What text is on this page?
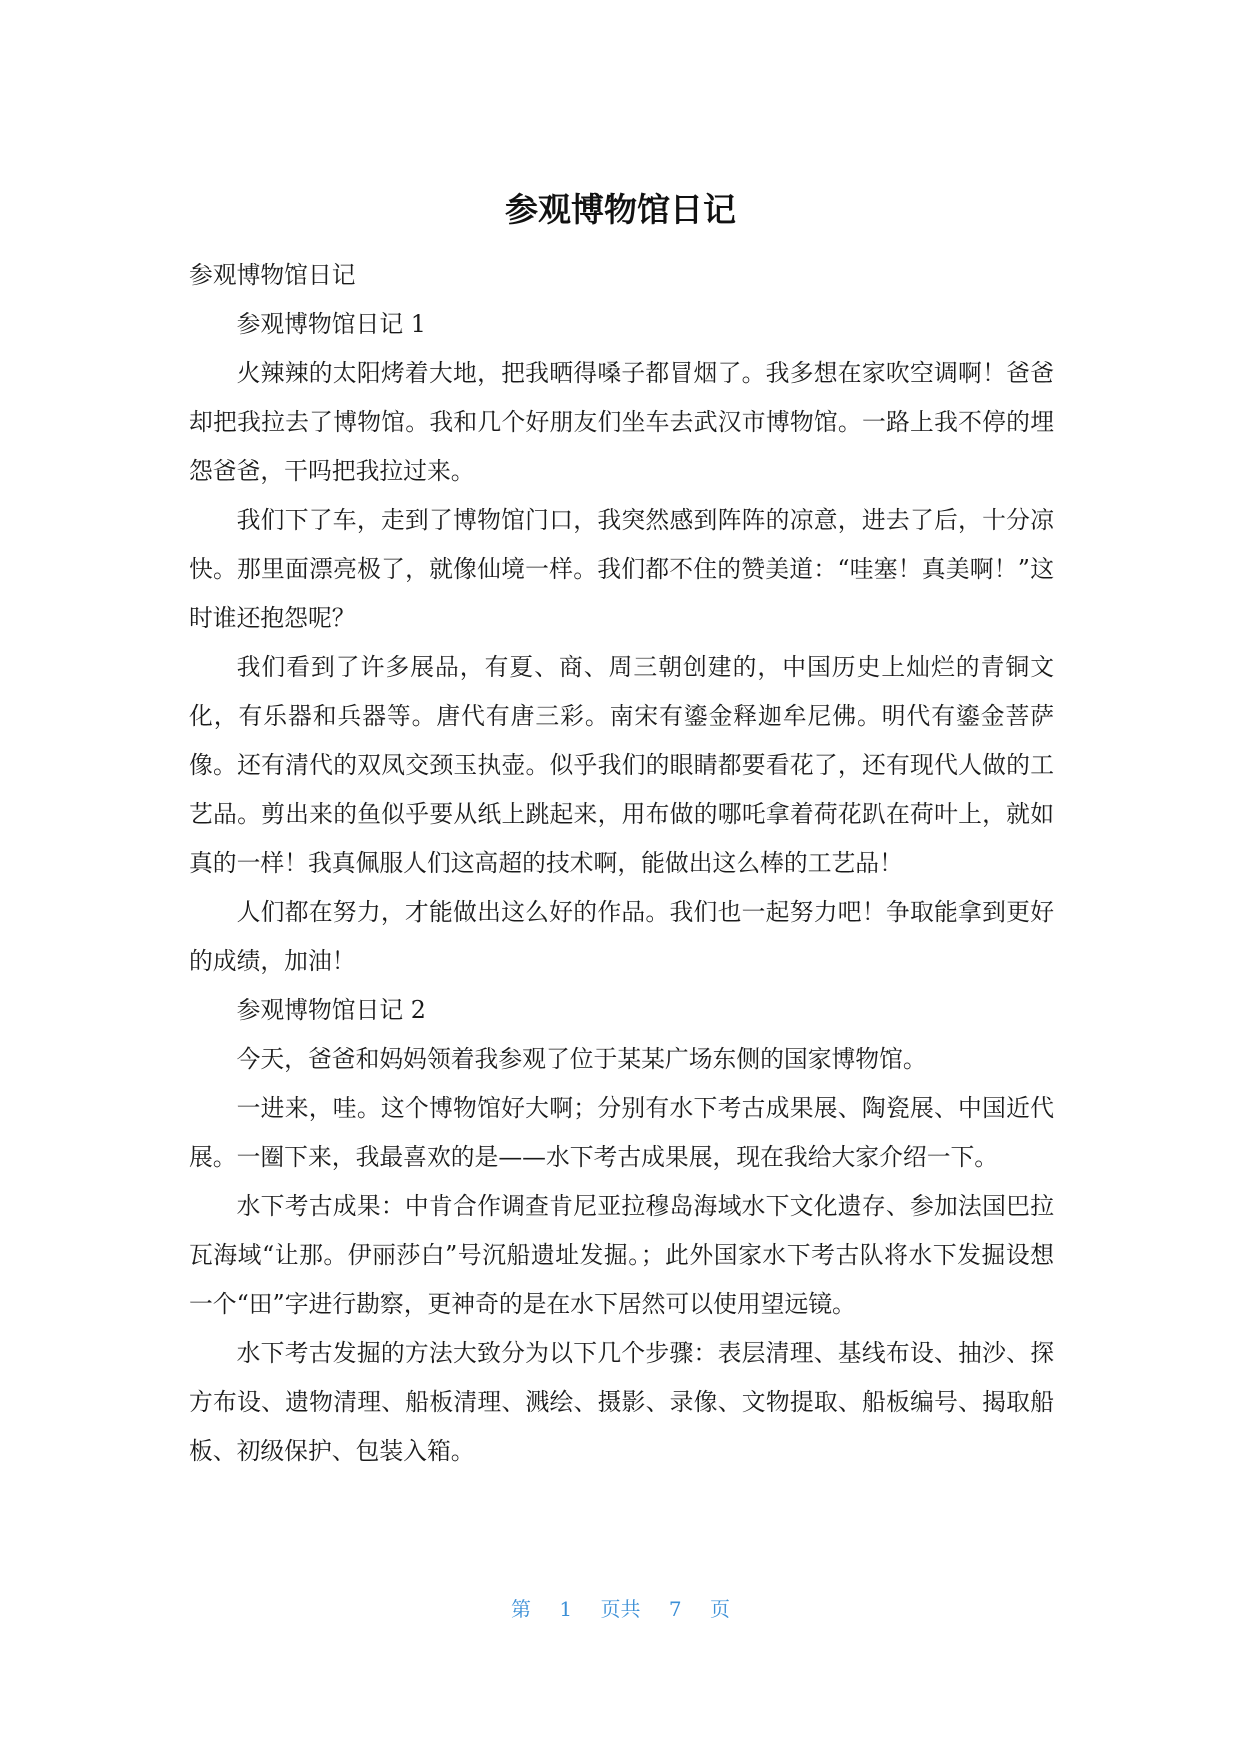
参观博物馆日记

参观博物馆日记

参观博物馆日记 1

火辣辣的太阳烤着大地，把我晒得嗓子都冒烟了。我多想在家吹空调啊！爸爸却把我拉去了博物馆。我和几个好朋友们坐车去武汉市博物馆。一路上我不停的埋怨爸爸，干吗把我拉过来。

我们下了车，走到了博物馆门口，我突然感到阵阵的凉意，进去了后，十分凉快。那里面漂亮极了，就像仙境一样。我们都不住的赞美道：“哇塞！真美啊！”这时谁还抱怨呢？

我们看到了许多展品，有夏、商、周三朝创建的，中国历史上灿烂的青铜文化，有乐器和兵器等。唐代有唐三彩。南宋有鎏金释迦牟尼佛。明代有鎏金菩萨像。还有清代的双凤交颈玉执壶。似乎我们的眼睛都要看花了，还有现代人做的工艺品。剪出来的鱼似乎要从纸上跳起来，用布做的哪吒拿着荷花趴在荷叶上，就如真的一样！我真佩服人们这高超的技术啊，能做出这么棒的工艺品！

人们都在努力，才能做出这么好的作品。我们也一起努力吧！争取能拿到更好的成绩，加油！

参观博物馆日记 2

今天，爸爸和妈妈领着我参观了位于某某广场东侧的国家博物馆。

一进来，哇。这个博物馆好大啊；分别有水下考古成果展、陶瓷展、中国近代展。一圈下来，我最喜欢的是——水下考古成果展，现在我给大家介绍一下。

水下考古成果：中肯合作调查肯尼亚拉穆岛海域水下文化遗存、参加法国巴拉瓦海域“让那。伊丽莎白”号沉船遗址发掘。；此外国家水下考古队将水下发掘设想一个“田”字进行勘察，更神奇的是在水下居然可以使用望远镜。

水下考古发掘的方法大致分为以下几个步骤：表层清理、基线布设、抽沙、探方布设、遗物清理、船板清理、溅绘、摄影、录像、文物提取、船板编号、揭取船板、初级保护、包装入箱。

第 1 页共 7 页
